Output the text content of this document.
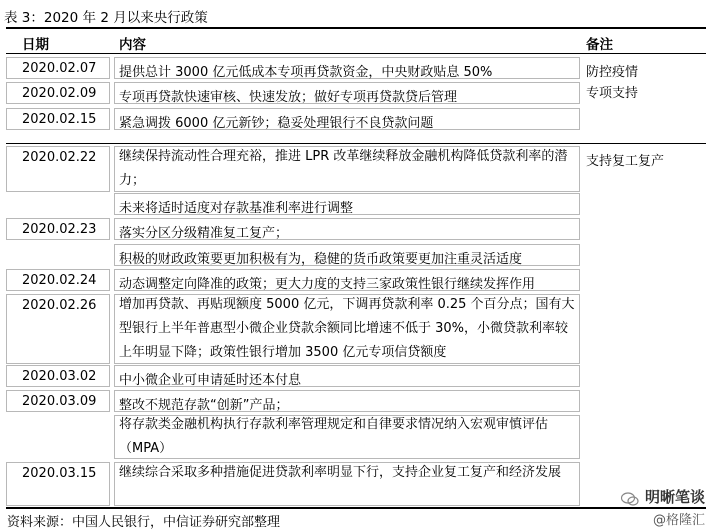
表 3：2020 年 2 月以来央行政策
日期	内容	备注
2020.02.07
2020.02.09
2020.02.15
2020.02.22
2020.02.23
2020.02.24
2020.02.26
2020.03.02
2020.03.09
2020.03.15
提供总计 3000 亿元低成本专项再贷款资金，中央财政贴息 50%
专项再贷款快速审核、快速发放；做好专项再贷款贷后管理
紧急调拨 6000 亿元新钞；稳妥处理银行不良贷款问题
继续保持流动性合理充裕，推进 LPR 改革继续释放金融机构降低贷款利率的潜力；
未来将适时适度对存款基准利率进行调整
落实分区分级精准复工复产；
积极的财政政策要更加积极有为，稳健的货币政策要更加注重灵活适度
动态调整定向降准的政策；更大力度的支持三家政策性银行继续发挥作用
增加再贷款、再贴现额度 5000 亿元，下调再贷款利率 0.25 个百分点；国有大型银行上半年普惠型小微企业贷款余额同比增速不低于 30%，小微贷款利率较上年明显下降；政策性银行增加 3500 亿元专项信贷额度
中小微企业可申请延时还本付息
整改不规范存款“创新”产品；
将存款类金融机构执行存款利率管理规定和自律要求情况纳入宏观审慎评估（MPA）
继续综合采取多种措施促进贷款利率明显下行，支持企业复工复产和经济发展
防控疫情
专项支持
支持复工复产
资料来源：中国人民银行，中信证券研究部整理
明晰笔谈
@格隆汇
